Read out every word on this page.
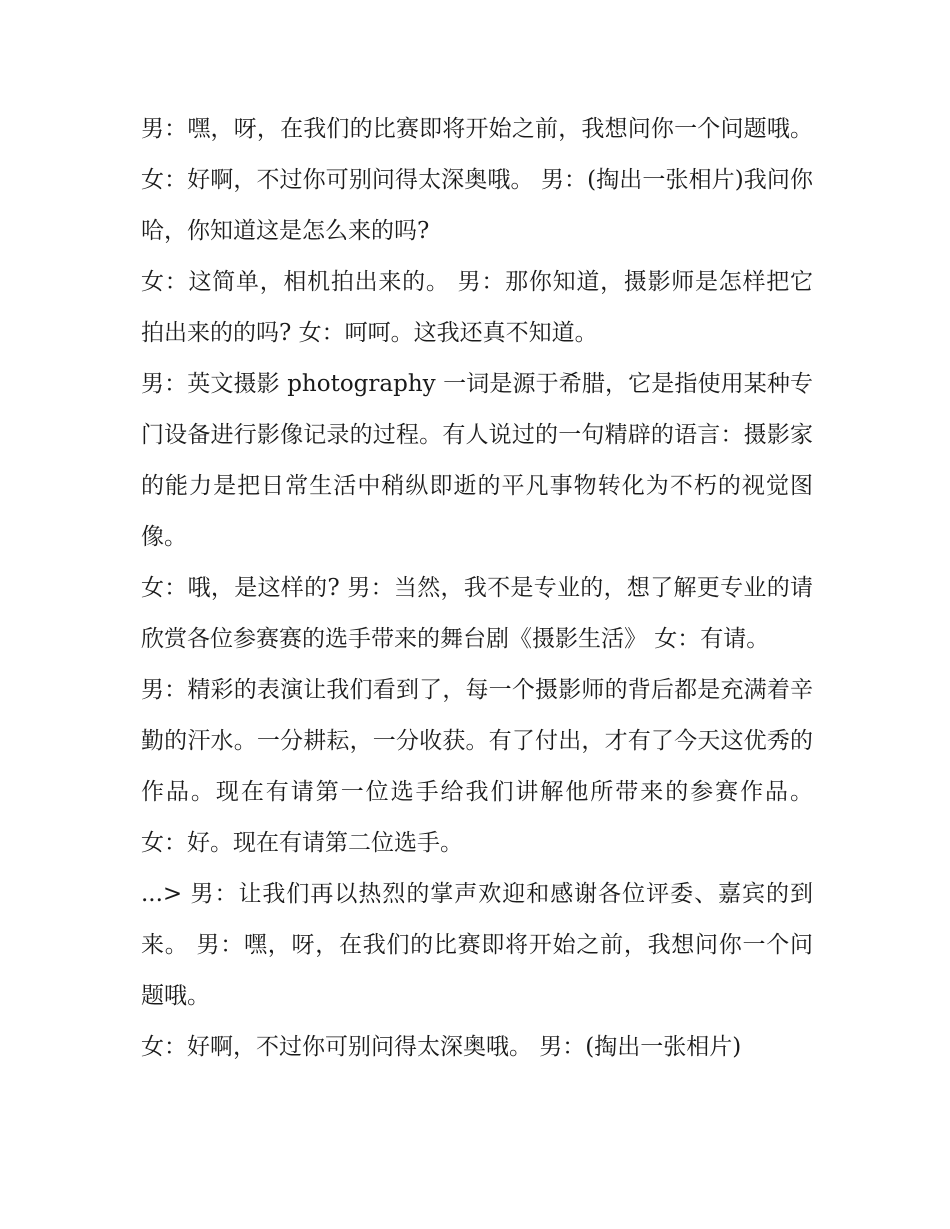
男：嘿，呀，在我们的比赛即将开始之前，我想问你一个问题哦。 女：好啊，不过你可别问得太深奥哦。 男：(掏出一张相片)我问你哈，你知道这是怎么来的吗?

女：这简单，相机拍出来的。 男：那你知道，摄影师是怎样把它拍出来的的吗? 女：呵呵。这我还真不知道。

男：英文摄影 photography 一词是源于希腊，它是指使用某种专门设备进行影像记录的过程。有人说过的一句精辟的语言：摄影家的能力是把日常生活中稍纵即逝的平凡事物转化为不朽的视觉图像。

女：哦，是这样的? 男：当然，我不是专业的，想了解更专业的请欣赏各位参赛赛的选手带来的舞台剧《摄影生活》 女：有请。

男：精彩的表演让我们看到了，每一个摄影师的背后都是充满着辛勤的汗水。一分耕耘，一分收获。有了付出，才有了今天这优秀的作品。现在有请第一位选手给我们讲解他所带来的参赛作品。 女：好。现在有请第二位选手。

...> 男：让我们再以热烈的掌声欢迎和感谢各位评委、嘉宾的到来。 男：嘿，呀，在我们的比赛即将开始之前，我想问你一个问题哦。

女：好啊，不过你可别问得太深奥哦。 男：(掏出一张相片)
